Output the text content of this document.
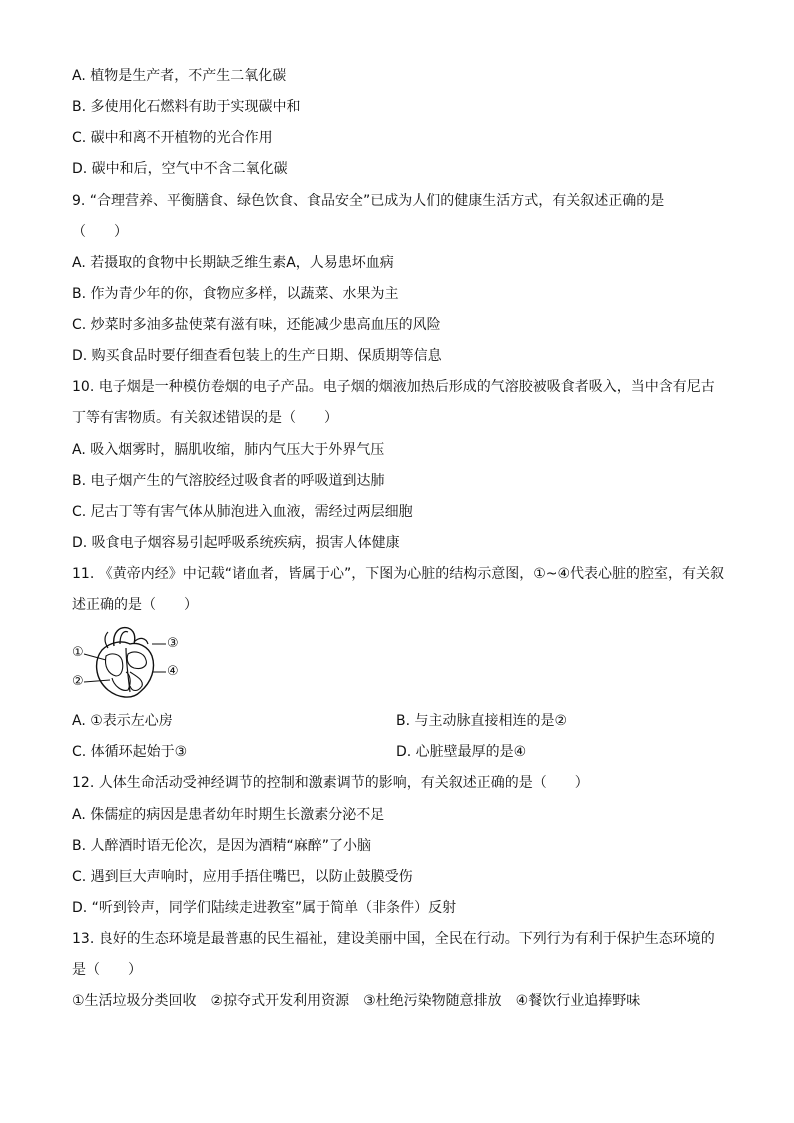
A. 植物是生产者，不产生二氧化碳
B. 多使用化石燃料有助于实现碳中和
C. 碳中和离不开植物的光合作用
D. 碳中和后，空气中不含二氧化碳
9. “合理营养、平衡膳食、绿色饮食、食品安全”已成为人们的健康生活方式，有关叙述正确的是
（　　）
A. 若摄取的食物中长期缺乏维生素A，人易患坏血病
B. 作为青少年的你，食物应多样，以蔬菜、水果为主
C. 炒菜时多油多盐使菜有滋有味，还能减少患高血压的风险
D. 购买食品时要仔细查看包装上的生产日期、保质期等信息
10. 电子烟是一种模仿卷烟的电子产品。电子烟的烟液加热后形成的气溶胶被吸食者吸入，当中含有尼古
丁等有害物质。有关叙述错误的是（　　）
A. 吸入烟雾时，膈肌收缩，肺内气压大于外界气压
B. 电子烟产生的气溶胶经过吸食者的呼吸道到达肺
C. 尼古丁等有害气体从肺泡进入血液，需经过两层细胞
D. 吸食电子烟容易引起呼吸系统疾病，损害人体健康
11. 《黄帝内经》中记载“诸血者，皆属于心”，下图为心脏的结构示意图，①~④代表心脏的腔室，有关叙
述正确的是（　　）
①
②
③
④
A. ①表示左心房	B. 与主动脉直接相连的是②
C. 体循环起始于③	D. 心脏壁最厚的是④
12. 人体生命活动受神经调节的控制和激素调节的影响，有关叙述正确的是（　　）
A. 侏儒症的病因是患者幼年时期生长激素分泌不足
B. 人醉酒时语无伦次，是因为酒精“麻醉”了小脑
C. 遇到巨大声响时，应用手捂住嘴巴，以防止鼓膜受伤
D. “听到铃声，同学们陆续走进教室”属于简单（非条件）反射
13. 良好的生态环境是最普惠的民生福祉，建设美丽中国，全民在行动。下列行为有利于保护生态环境的
是（　　）
①生活垃圾分类回收　②掠夺式开发利用资源　③杜绝污染物随意排放　④餐饮行业追捧野味
